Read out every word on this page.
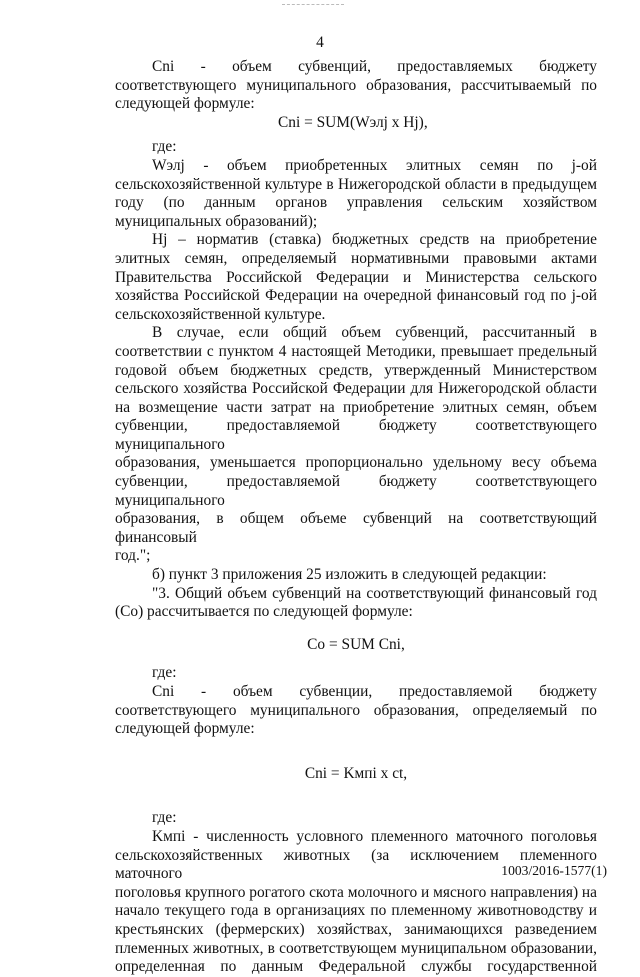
4

Cni - объем субвенций, предоставляемых бюджету

соответствующего муниципального образования, рассчитываемый по

следующей формуле:

Cni = SUM(Wэлj x Hj),

где:

Wэлj - объем приобретенных элитных семян по j-ой

сельскохозяйственной культуре в Нижегородской области в предыдущем

году (по данным органов управления сельским хозяйством

муниципальных образований);

Hj – норматив (ставка) бюджетных средств на приобретение

элитных семян, определяемый нормативными правовыми актами

Правительства Российской Федерации и Министерства сельского

хозяйства Российской Федерации на очередной финансовый год по j-ой

сельскохозяйственной культуре.

В случае, если общий объем субвенций, рассчитанный в

соответствии с пунктом 4 настоящей Методики, превышает предельный

годовой объем бюджетных средств, утвержденный Министерством

сельского хозяйства Российской Федерации для Нижегородской области

на возмещение части затрат на приобретение элитных семян, объем

субвенции, предоставляемой бюджету соответствующего муниципального

образования, уменьшается пропорционально удельному весу объема

субвенции, предоставляемой бюджету соответствующего муниципального

образования, в общем объеме субвенций на соответствующий финансовый

год.";

б) пункт 3 приложения 25 изложить в следующей редакции:

"3. Общий объем субвенций на соответствующий финансовый год

(Со) рассчитывается по следующей формуле:

Со = SUM Cni,

где:

Cni - объем субвенции, предоставляемой бюджету

соответствующего муниципального образования, определяемый по

следующей формуле:

Cni = Kмпi x ct,

где:

Kмпi - численность условного племенного маточного поголовья

сельскохозяйственных животных (за исключением племенного маточного

поголовья крупного рогатого скота молочного и мясного направления) на

начало текущего года в организациях по племенному животноводству и

крестьянских (фермерских) хозяйствах, занимающихся разведением

племенных животных, в соответствующем муниципальном образовании,

определенная по данным Федеральной службы государственной

1003/2016-1577(1)
